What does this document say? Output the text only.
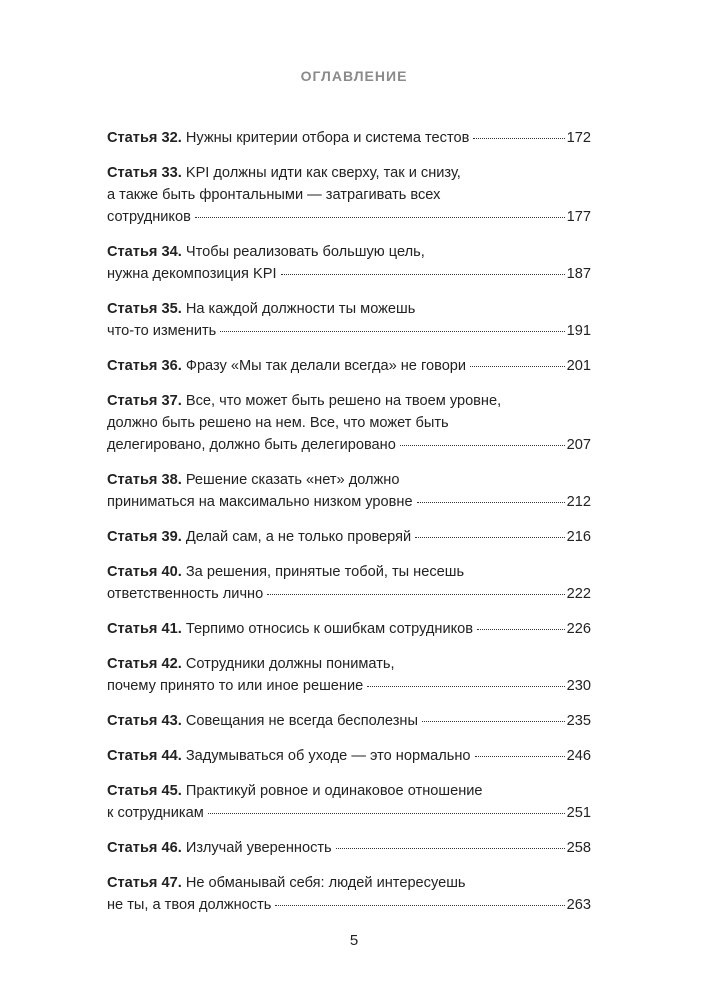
ОГЛАВЛЕНИЕ
Статья 32.
Нужны критерии отбора и система тестов	172
Статья 33.
KPI должны идти как сверху, так и снизу,
а также быть фронтальными — затрагивать всех
сотрудников	177
Статья 34.
Чтобы реализовать большую цель,
нужна декомпозиция KPI	187
Статья 35.
На каждой должности ты можешь
что-то изменить	191
Статья 36.
Фразу «Мы так делали всегда» не говори	201
Статья 37.
Все, что может быть решено на твоем уровне,
должно быть решено на нем. Все, что может быть
делегировано, должно быть делегировано	207
Статья 38.
Решение сказать «нет» должно
приниматься на максимально низком уровне	212
Статья 39.
Делай сам, а не только проверяй	216
Статья 40.
За решения, принятые тобой, ты несешь
ответственность лично	222
Статья 41.
Терпимо относись к ошибкам сотрудников	226
Статья 42.
Сотрудники должны понимать,
почему принято то или иное решение	230
Статья 43.
Совещания не всегда бесполезны	235
Статья 44.
Задумываться об уходе — это нормально	246
Статья 45.
Практикуй ровное и одинаковое отношение
к сотрудникам	251
Статья 46.
Излучай уверенность	258
Статья 47.
Не обманывай себя: людей интересуешь
не ты, а твоя должность	263
5
